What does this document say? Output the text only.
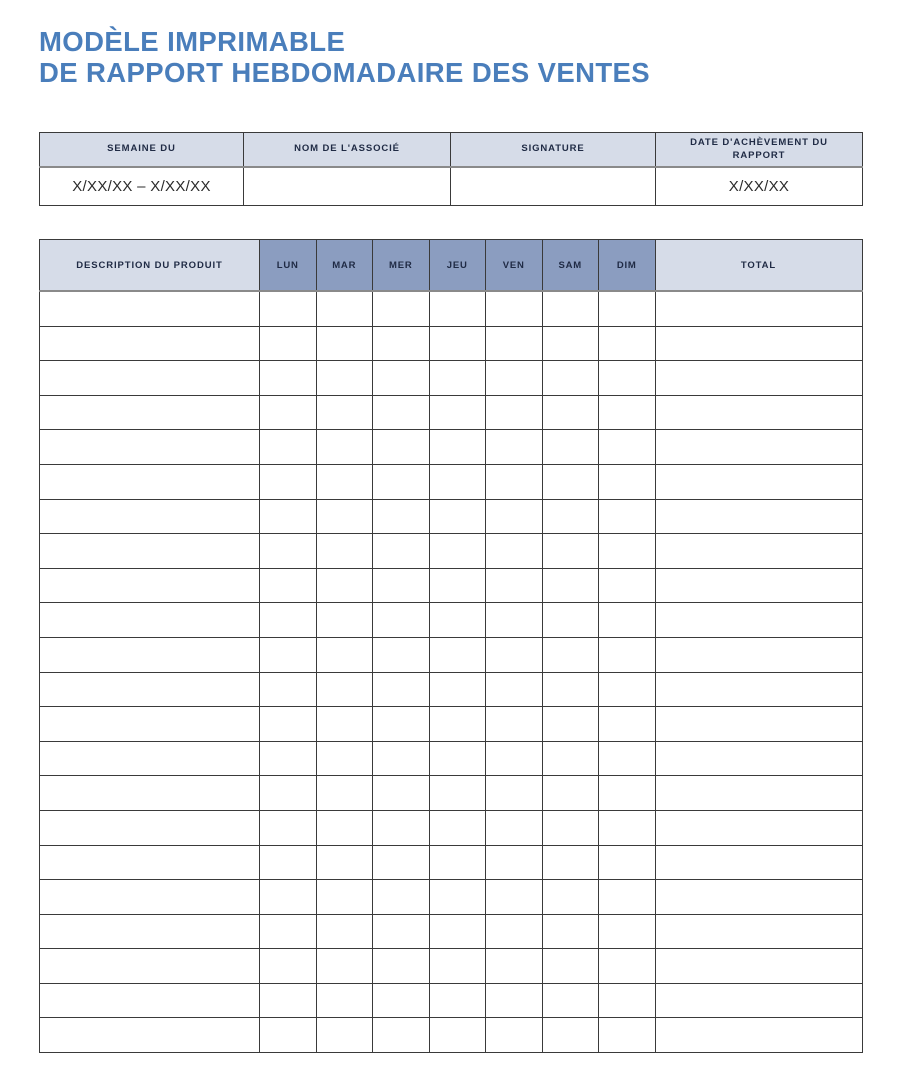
MODÈLE IMPRIMABLE
DE RAPPORT HEBDOMADAIRE DES VENTES
SEMAINE DU	NOM DE L'ASSOCIÉ	SIGNATURE	DATE D'ACHÈVEMENT DU RAPPORT
X/XX/XX – X/XX/XX			X/XX/XX
DESCRIPTION DU PRODUIT	LUN	MAR	MER	JEU	VEN	SAM	DIM	TOTAL
